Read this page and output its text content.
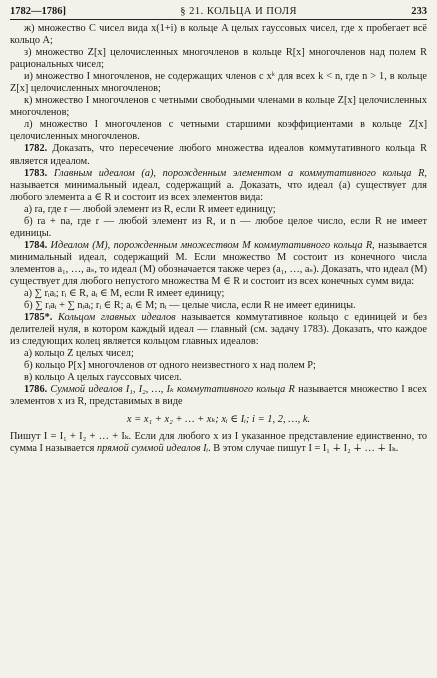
1782—1786]	§ 21. КОЛЬЦА И ПОЛЯ	233

ж) множество C чисел вида x(1+i) в кольце A целых гауссовых чисел, где x пробегает всё кольцо A;

з) множество Z[x] целочисленных многочленов в кольце R[x] многочленов над полем R рациональных чисел;

и) множество I многочленов, не содержащих членов с xᵏ для всех k < n, где n > 1, в кольце Z[x] целочисленных многочленов;

к) множество I многочленов с четными свободными членами в кольце Z[x] целочисленных многочленов;

л) множество I многочленов с четными старшими коэффициентами в кольце Z[x] целочисленных многочленов.

1782. Доказать, что пересечение любого множества идеалов коммутативного кольца R является идеалом.

1783. Главным идеалом (a), порожденным элементом a коммутативного кольца R, называется минимальный идеал, содержащий a. Доказать, что идеал (a) существует для любого элемента a ∈ R и состоит из всех элементов вида:

а) ra, где r — любой элемент из R, если R имеет единицу;

б) ra + na, где r — любой элемент из R, и n — любое целое число, если R не имеет единицы.

1784. Идеалом (M), порожденным множеством M коммутативного кольца R, называется минимальный идеал, содержащий M. Если множество M состоит из конечного числа элементов a₁, …, aₛ, то идеал (M) обозначается также через (a₁, …, aₛ). Доказать, что идеал (M) существует для любого непустого множества M ∈ R и состоит из всех конечных сумм вида:

а) ∑ rᵢaᵢ; rᵢ ∈ R, aᵢ ∈ M, если R имеет единицу;

б) ∑ rᵢaᵢ + ∑ nᵢaᵢ; rᵢ ∈ R; aᵢ ∈ M; nᵢ — целые числа, если R не имеет единицы.

1785*. Кольцом главных идеалов называется коммутативное кольцо с единицей и без делителей нуля, в котором каждый идеал — главный (см. задачу 1783). Доказать, что каждое из следующих колец является кольцом главных идеалов:

а) кольцо Z целых чисел;

б) кольцо P[x] многочленов от одного неизвестного x над полем P;

в) кольцо A целых гауссовых чисел.

1786. Суммой идеалов I₁, I₂, …, Iₖ коммутативного кольца R называется множество I всех элементов x из R, представимых в виде

x = x₁ + x₂ + … + xₖ; xᵢ ∈ Iᵢ; i = 1, 2, …, k.

Пишут I = I₁ + I₂ + … + Iₖ. Если для любого x из I указанное представление единственно, то сумма I называется прямой суммой идеалов Iᵢ. В этом случае пишут I = I₁ ∔ I₂ ∔ … ∔ Iₖ.
